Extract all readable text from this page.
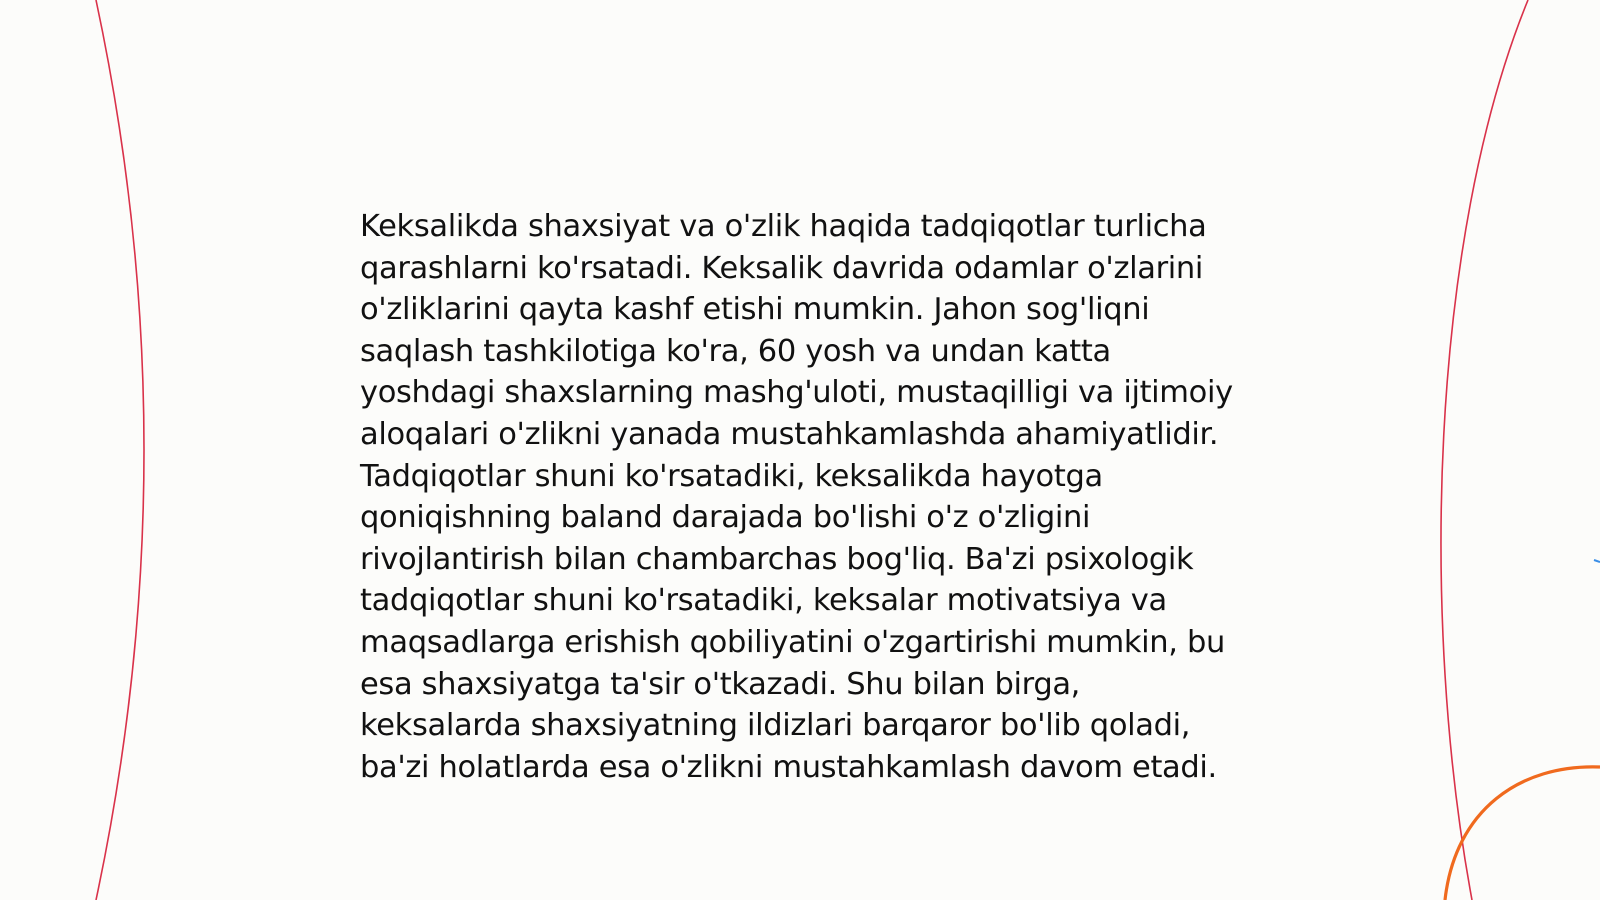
Keksalikda shaxsiyat va o'zlik haqida tadqiqotlar turlicha qarashlarni ko'rsatadi. Keksalik davrida odamlar o'zlarini o'zliklarini qayta kashf etishi mumkin. Jahon sog'liqni saqlash tashkilotiga ko'ra, 60 yosh va undan katta yoshdagi shaxslarning mashg'uloti, mustaqilligi va ijtimoiy aloqalari o'zlikni yanada mustahkamlashda ahamiyatlidir. Tadqiqotlar shuni ko'rsatadiki, keksalikda hayotga qoniqishning baland darajada bo'lishi o'z o'zligini rivojlantirish bilan chambarchas bog'liq. Ba'zi psixologik tadqiqotlar shuni ko'rsatadiki, keksalar motivatsiya va maqsadlarga erishish qobiliyatini o'zgartirishi mumkin, bu esa shaxsiyatga ta'sir o'tkazadi. Shu bilan birga, keksalarda shaxsiyatning ildizlari barqaror bo'lib qoladi, ba'zi holatlarda esa o'zlikni mustahkamlash davom etadi.
